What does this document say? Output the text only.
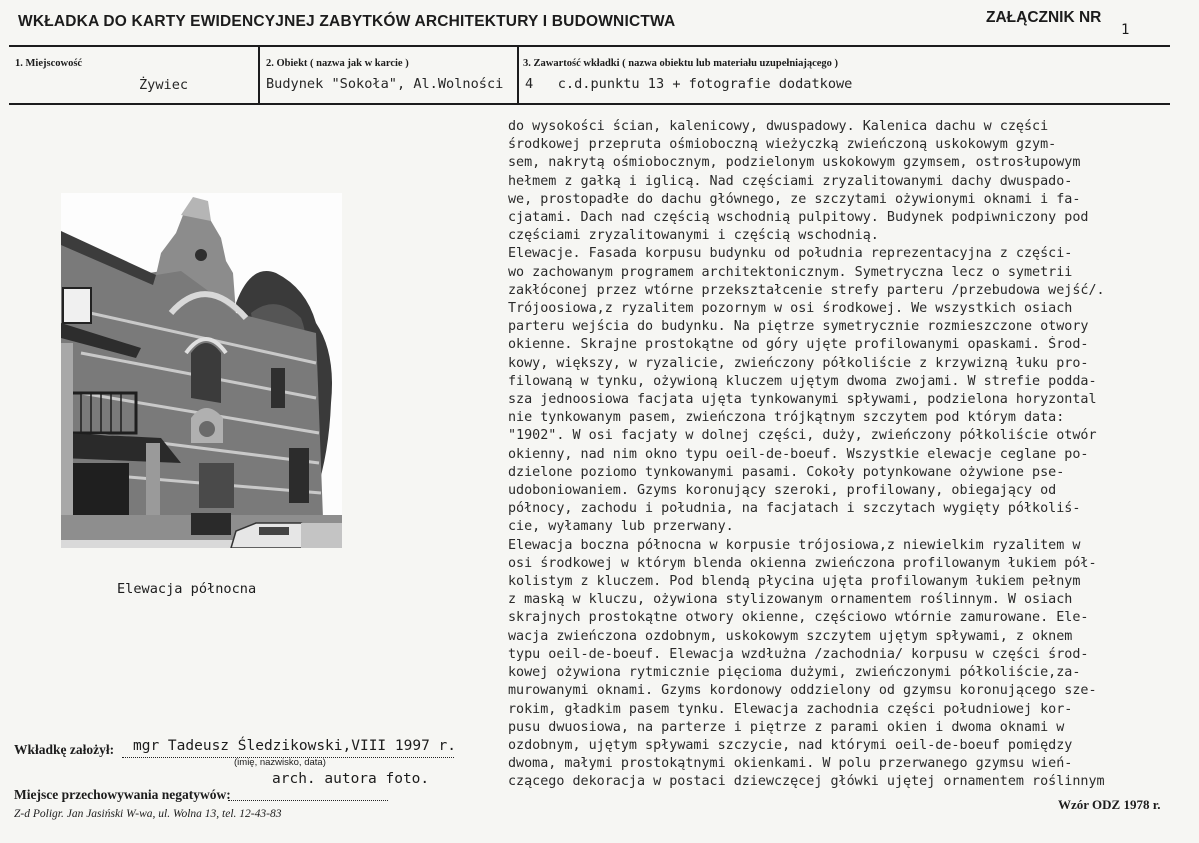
WKŁADKA DO KARTY EWIDENCYJNEJ ZABYTKÓW ARCHITEKTURY I BUDOWNICTWA	ZAŁĄCZNIK NR
1
1. Miejscowość
Żywiec
2. Obiekt ( nazwa jak w karcie )
Budynek "Sokoła", Al.Wolności
3. Zawartość wkładki ( nazwa obiektu lub materiału uzupełniającego )
4   c.d.punktu 13 + fotografie dodatkowe
Elewacja północna
do wysokości ścian, kalenicowy, dwuspadowy. Kalenica dachu w części
środkowej przepruta ośmioboczną wieżyczką zwieńczoną uskokowym gzym-
sem, nakrytą ośmiobocznym, podzielonym uskokowym gzymsem, ostrosłupowym
hełmem z gałką i iglicą. Nad częściami zryzalitowanymi dachy dwuspado-
we, prostopadłe do dachu głównego, ze szczytami ożywionymi oknami i fa-
cjatami. Dach nad częścią wschodnią pulpitowy. Budynek podpiwniczony pod
częściami zryzalitowanymi i częścią wschodnią.
Elewacje. Fasada korpusu budynku od południa reprezentacyjna z części-
wo zachowanym programem architektonicznym. Symetryczna lecz o symetrii
zakłóconej przez wtórne przekształcenie strefy parteru /przebudowa wejść/.
Trójoosiowa,z ryzalitem pozornym w osi środkowej. We wszystkich osiach
parteru wejścia do budynku. Na piętrze symetrycznie rozmieszczone otwory
okienne. Skrajne prostokątne od góry ujęte profilowanymi opaskami. Środ-
kowy, większy, w ryzalicie, zwieńczony półkoliście z krzywizną łuku pro-
filowaną w tynku, ożywioną kluczem ujętym dwoma zwojami. W strefie podda-
sza jednoosiowa facjata ujęta tynkowanymi spływami, podzielona horyzontal
nie tynkowanym pasem, zwieńczona trójkątnym szczytem pod którym data:
"1902". W osi facjaty w dolnej części, duży, zwieńczony półkoliście otwór
okienny, nad nim okno typu oeil-de-boeuf. Wszystkie elewacje ceglane po-
dzielone poziomo tynkowanymi pasami. Cokoły potynkowane ożywione pse-
udoboniowaniem. Gzyms koronujący szeroki, profilowany, obiegający od
północy, zachodu i południa, na facjatach i szczytach wygięty półkoliś-
cie, wyłamany lub przerwany.
Elewacja boczna północna w korpusie trójosiowa,z niewielkim ryzalitem w
osi środkowej w którym blenda okienna zwieńczona profilowanym łukiem pół-
kolistym z kluczem. Pod blendą płycina ujęta profilowanym łukiem pełnym
z maską w kluczu, ożywiona stylizowanym ornamentem roślinnym. W osiach
skrajnych prostokątne otwory okienne, częściowo wtórnie zamurowane. Ele-
wacja zwieńczona ozdobnym, uskokowym szczytem ujętym spływami, z oknem
typu oeil-de-boeuf. Elewacja wzdłużna /zachodnia/ korpusu w części środ-
kowej ożywiona rytmicznie pięcioma dużymi, zwieńczonymi półkoliście,za-
murowanymi oknami. Gzyms kordonowy oddzielony od gzymsu koronującego sze-
rokim, gładkim pasem tynku. Elewacja zachodnia części południowej kor-
pusu dwuosiowa, na parterze i piętrze z parami okien i dwoma oknami w
ozdobnym, ujętym spływami szczycie, nad którymi oeil-de-boeuf pomiędzy
dwoma, małymi prostokątnymi okienkami. W polu przerwanego gzymsu wień-
czącego dekoracja w postaci dziewczęcej główki ujętej ornamentem roślinnym
Wkładkę założył: mgr Tadeusz Śledzikowski,VIII 1997 r.
(imię, nazwisko, data)
arch. autora foto.
Miejsce przechowywania negatywów:
Z-d Poligr. Jan Jasiński W-wa, ul. Wolna 13, tel. 12-43-83
Wzór ODZ 1978 r.
